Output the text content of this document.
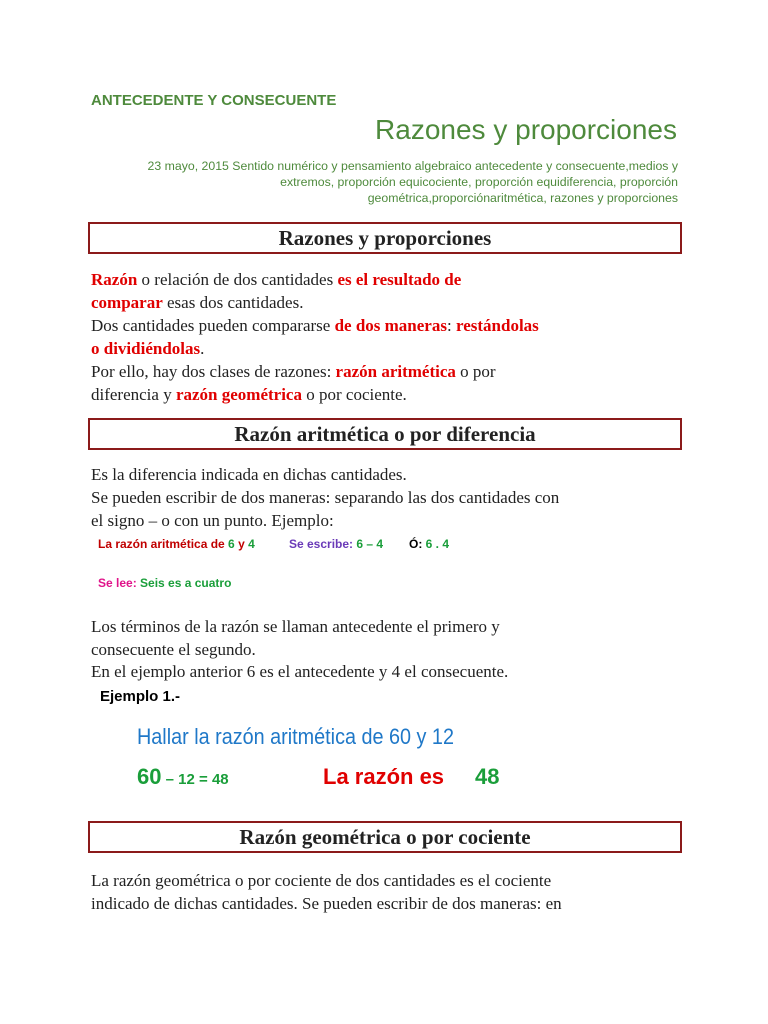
ANTECEDENTE Y CONSECUENTE
Razones y proporciones
23 mayo, 2015 Sentido numérico y pensamiento algebraico antecedente y consecuente,medios y
extremos, proporción equicociente, proporción equidiferencia, proporción
geométrica,proporciónaritmética, razones y proporciones
Razones y proporciones
Razón o relación de dos cantidades es el resultado de
comparar esas dos cantidades.
Dos cantidades pueden compararse de dos maneras: restándolas
o dividiéndolas.
Por ello, hay dos clases de razones: razón aritmética o por
diferencia y razón geométrica o por cociente.
Razón aritmética o por diferencia
Es la diferencia indicada en dichas cantidades.
Se pueden escribir de dos maneras: separando las dos cantidades con
el signo – o con un punto. Ejemplo:
La razón aritmética de 6 y 4	Se escribe: 6 – 4 Ó: 6 . 4
Se lee: Seis es a cuatro
Los términos de la razón se llaman antecedente el primero y
consecuente el segundo.
En el ejemplo anterior 6 es el antecedente y 4 el consecuente.
Ejemplo 1.-
Hallar la razón aritmética de 60 y 12
60 – 12 = 48	La razón es 48
Razón geométrica o por cociente
La razón geométrica o por cociente de dos cantidades es el cociente
indicado de dichas cantidades. Se pueden escribir de dos maneras: en
